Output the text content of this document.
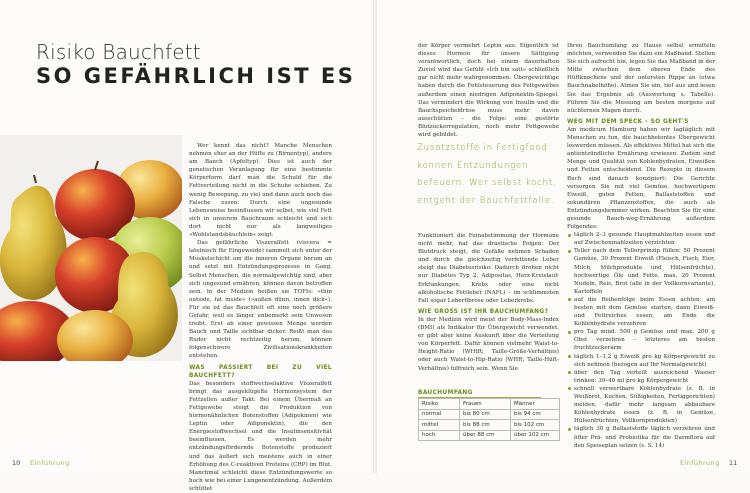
Risiko Bauchfett
SO GEFÄHRLICH IST ES

Wer kennt das nicht? Manche Menschen nehmen eher an der Hüfte zu (Birnentyp), andere am Bauch (Apfeltyp). Dies ist auch der genetischen Veranlagung für eine bestimmte Körperform darf man die Schuld für die Fettverteilung nicht in die Schuhe schieben. Zu wenig Bewegung, zu viel und dann auch noch das Falsche essen: Durch eine ungesunde Lebensweise beeinflussen wir selbst, wie viel Fett sich in unserem Bauchraum schleicht und sich dort nicht nur als langweiliges »Wohlstandsbäuchlein« zeigt.

Das gefährliche Viszeralfett (viscera = lateinisch für Eingeweide) sammelt sich unter der Muskelschicht um die inneren Organe herum an und setzt mit Entzündungsprozesse in Gang. Selbst Menschen, die normalgewichtig sind, aber sich ungesund ernähren, können davon betroffen sein. In der Medizin heißen sie TOFIs: »thin outside, fat inside« (»außen dünn, innen dick«). Für sie ist das Bauchfett oft eine noch größere Gefahr, weil es länger unbemerkt sein Unwesen treibt. Erst ab einer gewissen Menge werden Bauch und Taille sichtbar dicker. Reißt man das Ruder nicht rechtzeitig herum, können folgenschwere Zivilisationskrankheiten entstehen.

WAS PASSIERT BEI ZU VIEL BAUCHFETT?

Das besonders stoffwechselaktive Viszeralfett bringt das ausgeklügelte Hormonsystem der Fettzellen außer Takt: Bei einem Übermaß an Fettgewebe steigt die Produktion von hormonähnlichen Botenstoffen (Adipokinen) wie Leptin oder Adiponektin), die den Energiestoffwechsel und die Insulinsensitivität beeinflussen. Es werden mehr entzündungsfördernde Botenstoffe produziert und das äußert sich meistens auch in einer Erhöhung des C-reaktiven Proteins (CRP) im Blut. Manchmal schleicht diese Entzündungswerte so hoch wie bei einer Lungenentzündung. Außerdem schüttet

der Körper vermehrt Leptin aus. Eigentlich ist dieses Hormon für unsere Sättigung verantwortlich, doch bei einem dauerhaften Zuviel wird das Gefühl »Ich bin satt« schließlich gar nicht mehr wahrgenommen. Übergewichtige haben durch die Fehlsteuerung des Fettgewebes außerdem einen niedrigen Adiponektin-Spiegel. Das vermindert die Wirkung von Insulin und die Bauchspeicheldrüse muss mehr davon ausschütten – die Folge: eine gestörte Blutzuckerregulation, noch mehr Fettgewebe wird gebildet.

Zusatzstoffe in Fertigfood können Entzündungen befeuern. Wer selbst kocht, entgeht der Bauchfettfalle.

Funktioniert die Feinabstimmung der Hormone nicht mehr, hat das drastische Folgen: Der Blutdruck steigt, die Gefäße nehmen Schaden und durch die gleichzeitig verfettende Leber steigt das Diabetesrisiko. Dadurch drohen nicht nur Diabetes Typ 2, Adipositas, Herz-Kreislauf-Erkrankungen, Krebs oder eine nicht alkoholische Fettleber (NAFL) – im schlimmsten Fall sogar Leberfibrose oder Leberkrebs.

WIE GROSS IST IHR BAUCHUMFANG?

In der Medizin wird meist der Body-Mass-Index (BMI) als Indikator für Übergewicht verwendet, er gibt aber keine Auskunft über die Verteilung von Körperfett. Dafür können vielmehr Waist-to-Height-Ratio (WHtR; Taille-Größe-Verhältnis) oder auch Waist-to-Hip-Ratio (WHR; Taille-Hüft-Verhältnis) hilfreich sein. Wenn Sie

BAUCHUMFANG
Risiko	Frauen	Männer
normal	bis 80 cm	bis 94 cm
mittel	bis 88 cm	bis 102 cm
hoch	über 88 cm	über 102 cm

Ihren Bauchumfang zu Hause selbst ermitteln möchten, verwenden Sie dazu ein Maßband. Stellen Sie sich aufrecht hin, legen Sie das Maßband in der Mitte zwischen dem oberen Ende des Hüftknochens und der untersten Rippe an (etwa Bauchnabelhöhe). Atmen Sie ein, tief aus und lesen Sie das Ergebnis ab (Auswertung s. Tabelle). Führen Sie die Messung am besten morgens auf nüchternen Magen durch.

WEG MIT DEM SPECK – SO GEHT'S

Am medicum Hamburg haben wir tagtäglich mit Menschen zu tun, die bauchbetontes Übergewicht loswerden müssen. Als effektives Mittel hat sich die antientzündliche Ernährung erwiesen. Zudem sind Menge und Qualität von Kohlenhydraten, Eiweißen und Fetten entscheidend. Die Rezepte in diesem Buch sind danach konzipiert: Die Gerichte versorgen Sie mit viel Gemüse, hochwertigem Eiweiß, guten Fetten, Ballaststoffen und sekundären Pflanzenstoffen, die auch als Entzündungshemmer wirken. Beachten Sie für eine gesunde Bauch-weg-Ernährung außerdem Folgendes:

täglich 2–3 gesunde Hauptmahlzeiten essen und auf Zwischenmahlzeiten verzichten
Teller nach dem Tellerprinzip füllen: 50 Prozent Gemüse, 30 Prozent Eiweiß (Fleisch, Fisch, Eier, Milch, Milchprodukte und Hülsenfrüchte), hochwertige Öle und Fette, max. 20 Prozent Nudeln, Reis, Brot (alle in der Vollkornvariante), Kartoffeln
auf die Reihenfolge beim Essen achten: am besten mit dem Gemüse starten, dann Eiweiß- und Fettreiches essen, am Ende die Kohlenhydrate verzehren
pro Tag mind. 500 g Gemüse und max. 200 g Obst verzehren – letzteres am besten fruchtzuckerarm
täglich 1–1,2 g Eiweiß pro kg Körpergewicht zu sich nehmen (bezogen auf Ihr Normalgewicht)
über den Tag verteilt ausreichend Wasser trinken: 30–40 ml pro kg Körpergewicht
schnell verwertbare Kohlenhydrate (z. B. in Weißbrot, Kuchen, Süßigkeiten, Fertiggerichten) meiden, dafür mehr langsam abbaubare Kohlenhydrate essen (z. B. in Gemüse, Hülsenfrüchten, Vollkornprodukten)
täglich 30 g Ballaststoffe täglich verzehren und öfter Prä- und Probiotika für die Darmflora auf den Speiseplan setzen (s. S. 14)
10 Einführung	Einführung 11
